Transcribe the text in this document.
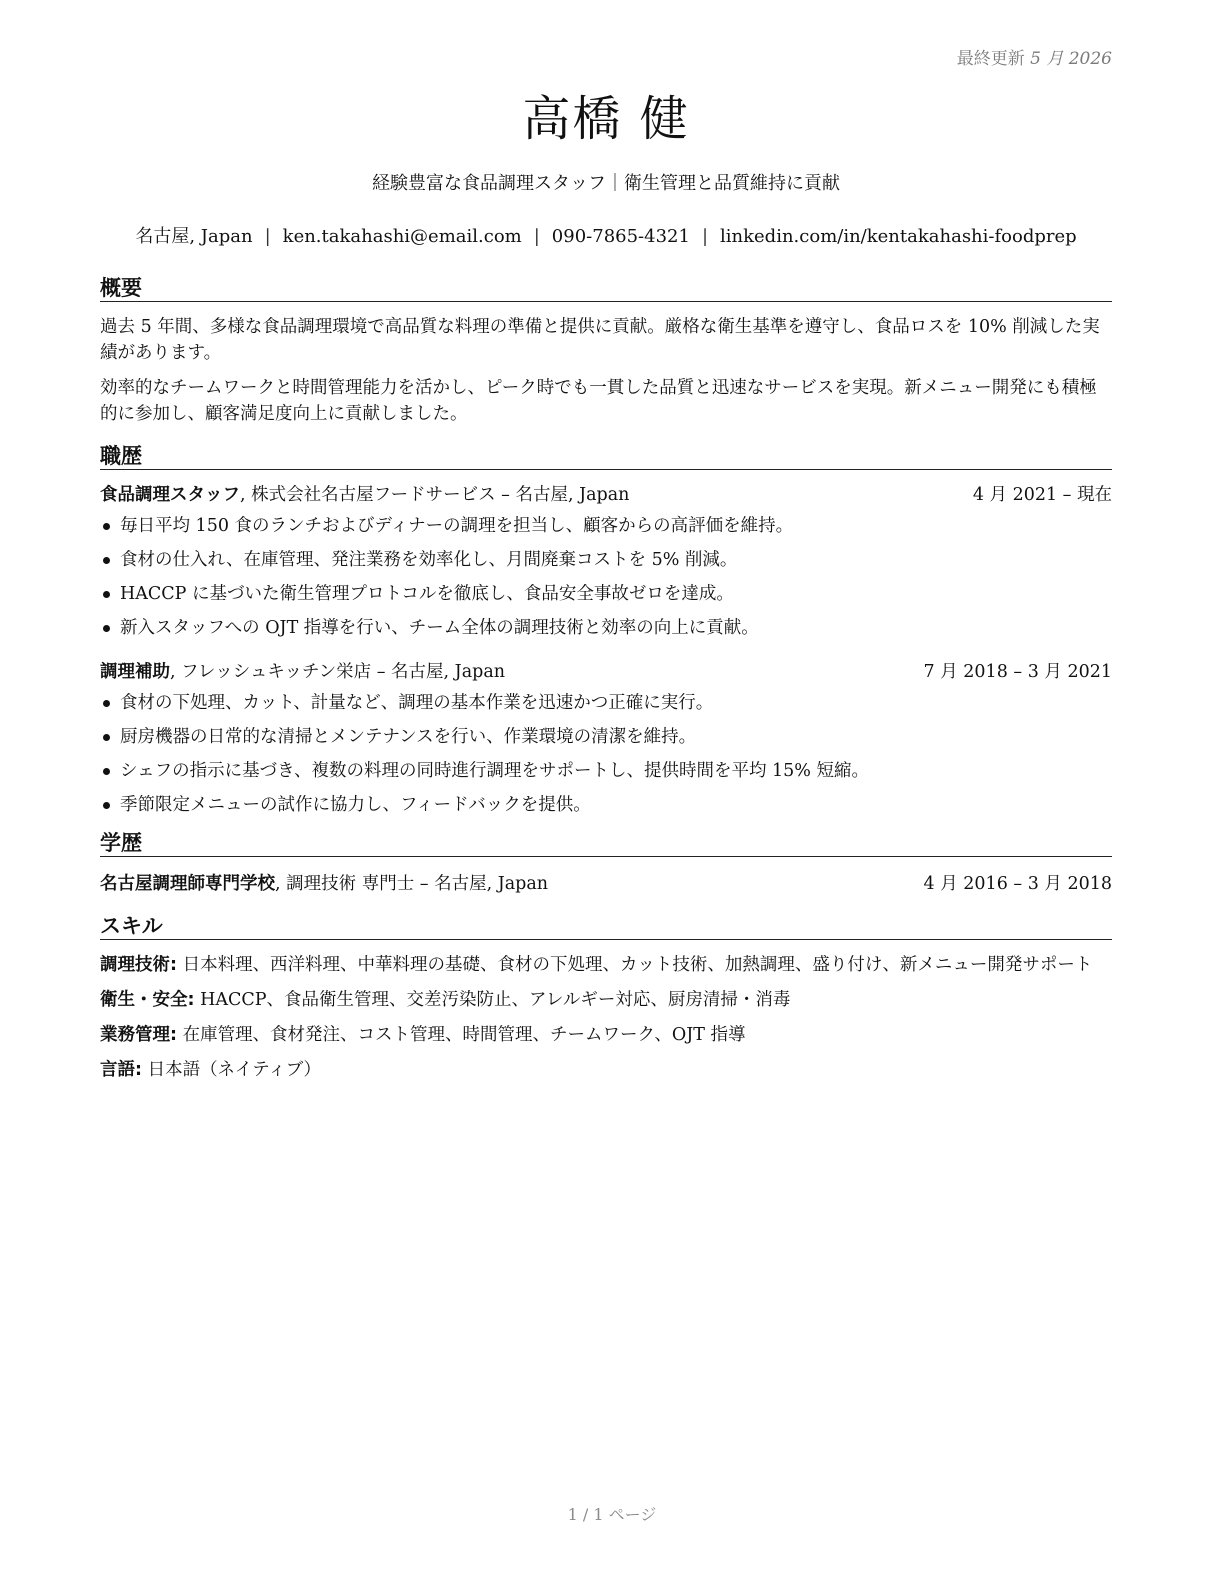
最終更新 5 月 2026
高橋 健
経験豊富な食品調理スタッフ｜衛生管理と品質維持に貢献
名古屋, Japan | ken.takahashi@email.com | 090-7865-4321 | linkedin.com/in/kentakahashi-foodprep
概要

過去 5 年間、多様な食品調理環境で高品質な料理の準備と提供に貢献。厳格な衛生基準を遵守し、食品ロスを 10% 削減した実績があります。

効率的なチームワークと時間管理能力を活かし、ピーク時でも一貫した品質と迅速なサービスを実現。新メニュー開発にも積極的に参加し、顧客満足度向上に貢献しました。

職歴
食品調理スタッフ, 株式会社名古屋フードサービス – 名古屋, Japan	4 月 2021 – 現在
毎日平均 150 食のランチおよびディナーの調理を担当し、顧客からの高評価を維持。
食材の仕入れ、在庫管理、発注業務を効率化し、月間廃棄コストを 5% 削減。
HACCP に基づいた衛生管理プロトコルを徹底し、食品安全事故ゼロを達成。
新入スタッフへの OJT 指導を行い、チーム全体の調理技術と効率の向上に貢献。
調理補助, フレッシュキッチン栄店 – 名古屋, Japan	7 月 2018 – 3 月 2021
食材の下処理、カット、計量など、調理の基本作業を迅速かつ正確に実行。
厨房機器の日常的な清掃とメンテナンスを行い、作業環境の清潔を維持。
シェフの指示に基づき、複数の料理の同時進行調理をサポートし、提供時間を平均 15% 短縮。
季節限定メニューの試作に協力し、フィードバックを提供。
学歴
名古屋調理師専門学校, 調理技術 専門士 – 名古屋, Japan	4 月 2016 – 3 月 2018
スキル

調理技術: 日本料理、西洋料理、中華料理の基礎、食材の下処理、カット技術、加熱調理、盛り付け、新メニュー開発サポート

衛生・安全: HACCP、食品衛生管理、交差汚染防止、アレルギー対応、厨房清掃・消毒

業務管理: 在庫管理、食材発注、コスト管理、時間管理、チームワーク、OJT 指導

言語: 日本語（ネイティブ）

1 / 1 ページ
